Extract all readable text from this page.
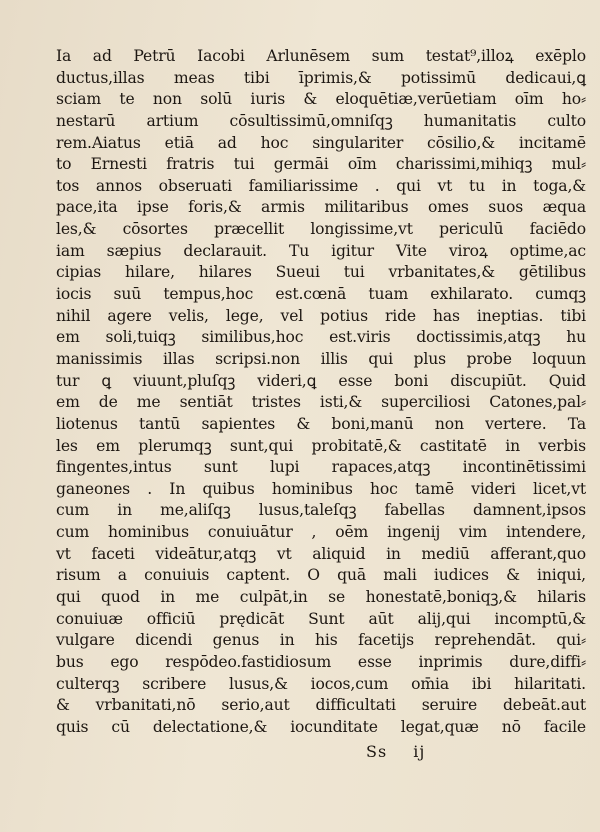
Ia ad Petrū Iacobi Arlunēsem sum testat⁹,illoꝝ exēplo
ductus,illas meas tibi īprimis,& potissimū dedicaui,ꝗ
sciam te non solū iuris & eloquētiæ,verūetiam oīm ho⸗
nestarū artium cōsultissimū,omniſqꝫ humanitatis culto
rem.Aiatus etiā ad hoc singulariter cōsilio,& incitamē
to Ernesti fratris tui germāi oīm charissimi,mihiqꝫ mul⸗
tos annos obseruati familiarissime . qui vt tu in toga,&
pace,ita ipse foris,& armis militaribus omes suos æqua
les,& cōsortes præcellit longissime,vt periculū faciēdo
iam sæpius declarauit. Tu igitur Vite viroꝝ optime,ac
cipias hilare, hilares Sueui tui vrbanitates,& gētilibus
iocis suū tempus,hoc est.cœnā tuam exhilarato. cumqꝫ
nihil agere velis, lege, vel potius ride has ineptias. tibi
em soli,tuiqꝫ similibus,hoc est.viris doctissimis,atqꝫ hu
manissimis illas scripsi.non illis qui plus probe loquun
tur ꝗ viuunt,pluſqꝫ videri,ꝗ esse boni discupiūt. Quid
em de me sentiāt tristes isti,& superciliosi Catones,pal⸗
liotenus tantū sapientes & boni,manū non vertere. Ta
les em plerumqꝫ sunt,qui probitatē,& castitatē in verbis
fingentes,intus sunt lupi rapaces,atqꝫ incontinētissimi
ganeones . In quibus hominibus hoc tamē videri licet,vt
cum in me,aliſqꝫ lusus,taleſqꝫ fabellas damnent,ipsos
cum hominibus conuiuātur , oēm ingenij vim intendere,
vt faceti videātur,atqꝫ vt aliquid in mediū afferant,quo
risum a conuiuis captent. O quā mali iudices & iniqui,
qui quod in me culpāt,in se honestatē,boniqꝫ,& hilaris
conuiuæ officiū prędicāt Sunt aūt alij,qui incomptū,&
vulgare dicendi genus in his facetijs reprehendāt. qui⸗
bus ego respōdeo.fastidiosum esse inprimis dure,diffi⸗
culterqꝫ scribere lusus,& iocos,cum om̄ia ibi hilaritati.
& vrbanitati,nō serio,aut difficultati seruire debeāt.aut
quis cū delectatione,& iocunditate legat,quæ nō facile
Ss ij
